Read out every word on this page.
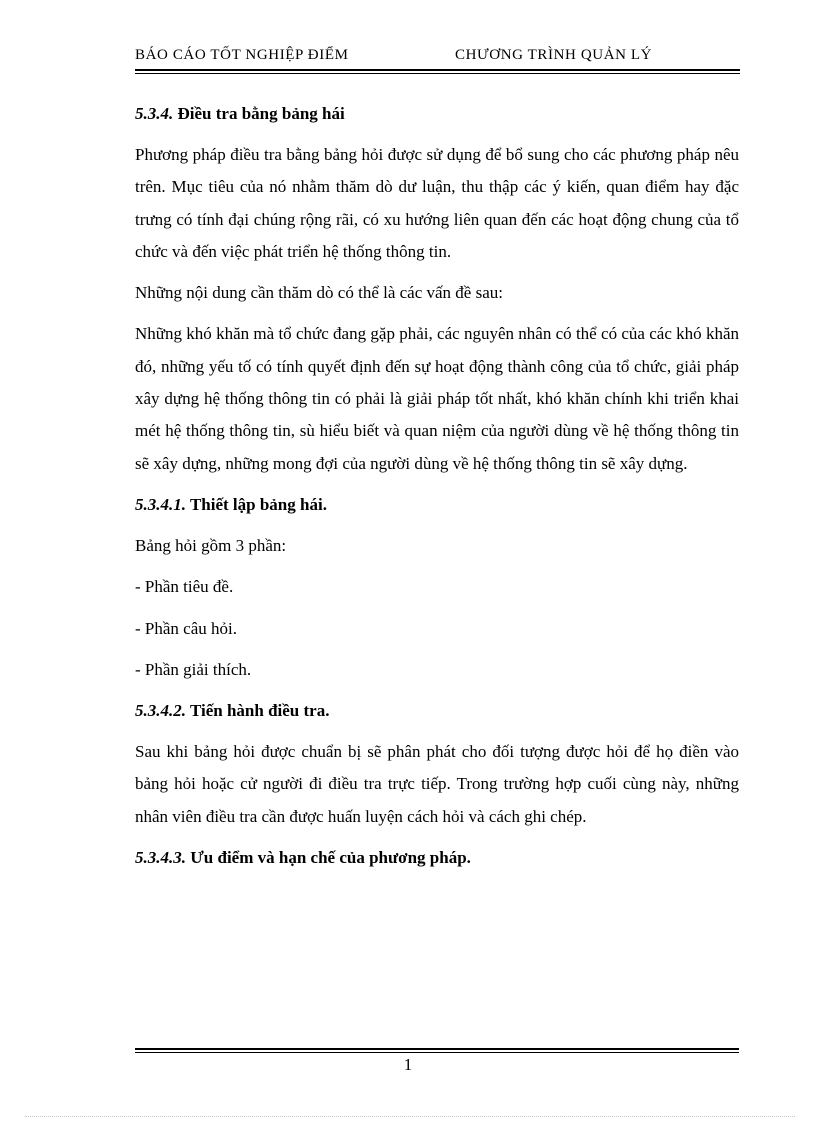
BÁO CÁO TỐT NGHIỆP ĐIỂM	CHƯƠNG TRÌNH QUẢN LÝ

5.3.4. Điều tra bằng bảng hái

Phương pháp điều tra bằng bảng hỏi được sử dụng để bổ sung cho các phương pháp nêu trên. Mục tiêu của nó nhằm thăm dò dư luận, thu thập các ý kiến, quan điểm hay đặc trưng có tính đại chúng rộng rãi, có xu hướng liên quan đến các hoạt động chung của tổ chức và đến việc phát triển hệ thống thông tin.

Những nội dung cần thăm dò có thể là các vấn đề sau:

Những khó khăn mà tổ chức đang gặp phải, các nguyên nhân có thể có của các khó khăn đó, những yếu tố có tính quyết định đến sự hoạt động thành công của tổ chức, giải pháp xây dựng hệ thống thông tin có phải là giải pháp tốt nhất, khó khăn chính khi triển khai mét hệ thống thông tin, sù hiểu biết và quan niệm của người dùng về hệ thống thông tin sẽ xây dựng, những mong đợi của người dùng về hệ thống thông tin sẽ xây dựng.

5.3.4.1. Thiết lập bảng hái.

Bảng hỏi gồm 3 phần:

- Phần tiêu đề.

- Phần câu hỏi.

- Phần giải thích.

5.3.4.2. Tiến hành điều tra.

Sau khi bảng hỏi được chuẩn bị sẽ phân phát cho đối tượng được hỏi để họ điền vào bảng hỏi hoặc cử người đi điều tra trực tiếp. Trong trường hợp cuối cùng này, những nhân viên điều tra cần được huấn luyện cách hỏi và cách ghi chép.

5.3.4.3. Ưu điểm và hạn chế của phương pháp.

1
